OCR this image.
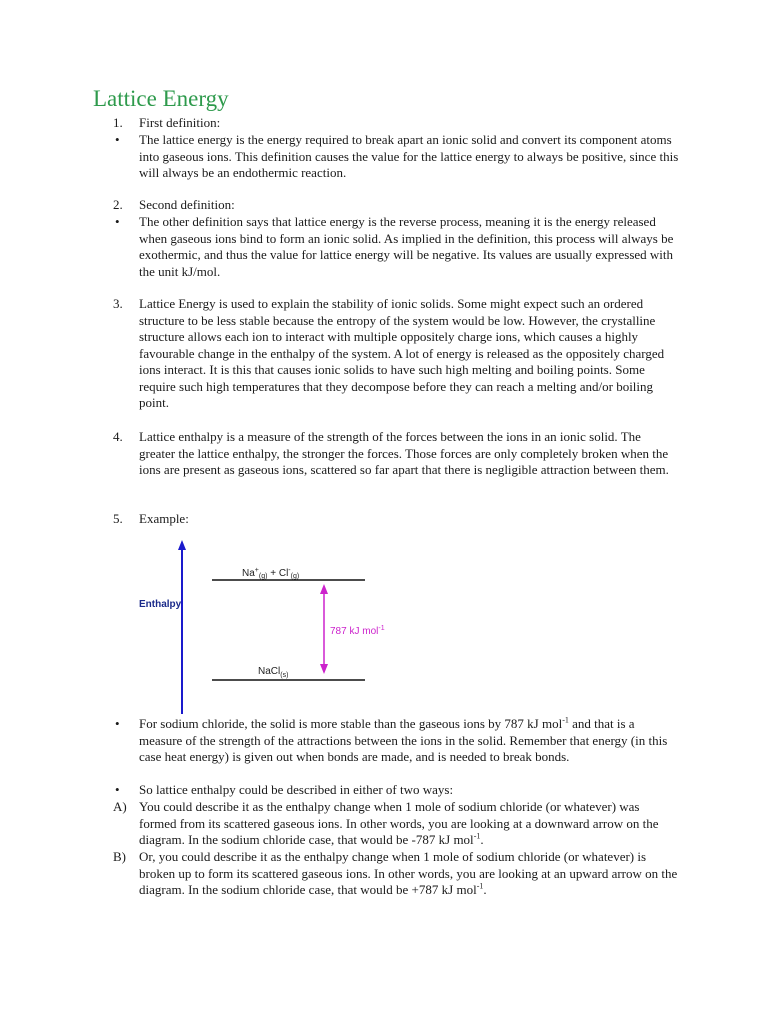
Lattice Energy
1. First definition:
• The lattice energy is the energy required to break apart an ionic solid and convert its component atoms into gaseous ions. This definition causes the value for the lattice energy to always be positive, since this will always be an endothermic reaction.
2. Second definition:
• The other definition says that lattice energy is the reverse process, meaning it is the energy released when gaseous ions bind to form an ionic solid. As implied in the definition, this process will always be exothermic, and thus the value for lattice energy will be negative. Its values are usually expressed with the unit kJ/mol.
3. Lattice Energy is used to explain the stability of ionic solids. Some might expect such an ordered structure to be less stable because the entropy of the system would be low. However, the crystalline structure allows each ion to interact with multiple oppositely charge ions, which causes a highly favourable change in the enthalpy of the system. A lot of energy is released as the oppositely charged ions interact. It is this that causes ionic solids to have such high melting and boiling points. Some require such high temperatures that they decompose before they can reach a melting and/or boiling point.
4. Lattice enthalpy is a measure of the strength of the forces between the ions in an ionic solid. The greater the lattice enthalpy, the stronger the forces. Those forces are only completely broken when the ions are present as gaseous ions, scattered so far apart that there is negligible attraction between them.
5. Example:
Enthalpy
$Na^+_{(g)} + Cl^-_{(g)}$
NaCl$_{(s)}$
787 kJ mol$^{-1}$
• For sodium chloride, the solid is more stable than the gaseous ions by 787 kJ mol$^{-1}$ and that is a measure of the strength of the attractions between the ions in the solid. Remember that energy (in this case heat energy) is given out when bonds are made, and is needed to break bonds.
• So lattice enthalpy could be described in either of two ways:
A) You could describe it as the enthalpy change when 1 mole of sodium chloride (or whatever) was formed from its scattered gaseous ions. In other words, you are looking at a downward arrow on the diagram. In the sodium chloride case, that would be -787 kJ mol$^{-1}$.
B) Or, you could describe it as the enthalpy change when 1 mole of sodium chloride (or whatever) is broken up to form its scattered gaseous ions. In other words, you are looking at an upward arrow on the diagram. In the sodium chloride case, that would be +787 kJ mol$^{-1}$.
